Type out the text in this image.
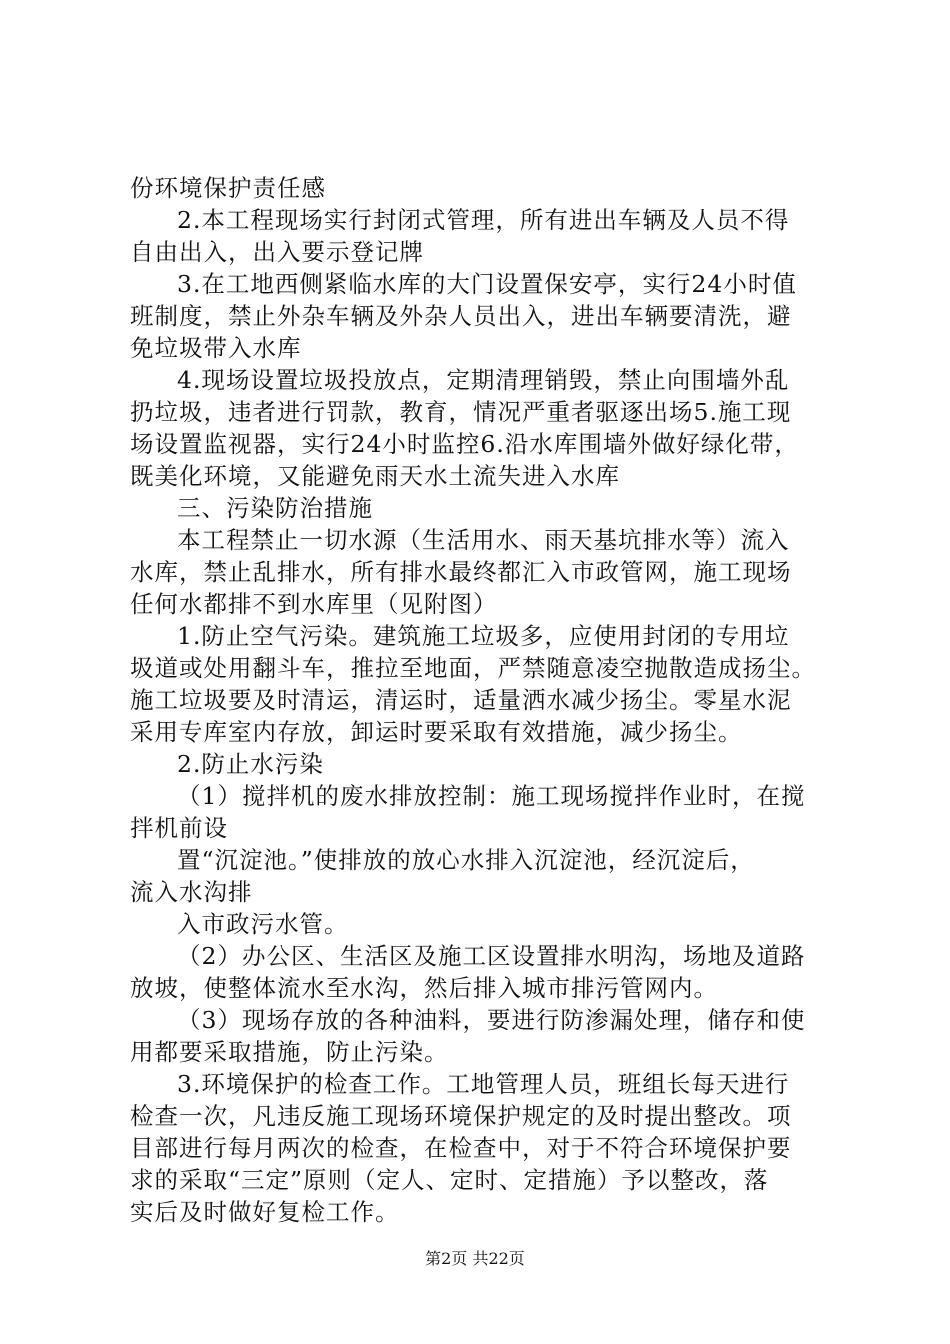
份环境保护责任感
2.本工程现场实行封闭式管理，所有进出车辆及人员不得
自由出入，出入要示登记牌
3.在工地西侧紧临水库的大门设置保安亭，实行24小时值
班制度，禁止外杂车辆及外杂人员出入，进出车辆要清洗，避
免垃圾带入水库
4.现场设置垃圾投放点，定期清理销毁，禁止向围墙外乱
扔垃圾，违者进行罚款，教育，情况严重者驱逐出场5.施工现
场设置监视器，实行24小时监控6.沿水库围墙外做好绿化带，
既美化环境，又能避免雨天水土流失进入水库
三、污染防治措施
本工程禁止一切水源（生活用水、雨天基坑排水等）流入
水库，禁止乱排水，所有排水最终都汇入市政管网，施工现场
任何水都排不到水库里（见附图）
1.防止空气污染。建筑施工垃圾多，应使用封闭的专用垃
圾道或处用翻斗车，推拉至地面，严禁随意凌空抛散造成扬尘。
施工垃圾要及时清运，清运时，适量洒水减少扬尘。零星水泥
采用专库室内存放，卸运时要采取有效措施，减少扬尘。
2.防止水污染
（1）搅拌机的废水排放控制：施工现场搅拌作业时，在搅
拌机前设
置“沉淀池。”使排放的放心水排入沉淀池，经沉淀后，
流入水沟排
入市政污水管。
（2）办公区、生活区及施工区设置排水明沟，场地及道路
放坡，使整体流水至水沟，然后排入城市排污管网内。
（3）现场存放的各种油料，要进行防渗漏处理，储存和使
用都要采取措施，防止污染。
3.环境保护的检查工作。工地管理人员，班组长每天进行
检查一次，凡违反施工现场环境保护规定的及时提出整改。项
目部进行每月两次的检查，在检查中，对于不符合环境保护要
求的采取“三定”原则（定人、定时、定措施）予以整改，落
实后及时做好复检工作。
第2页 共22页
